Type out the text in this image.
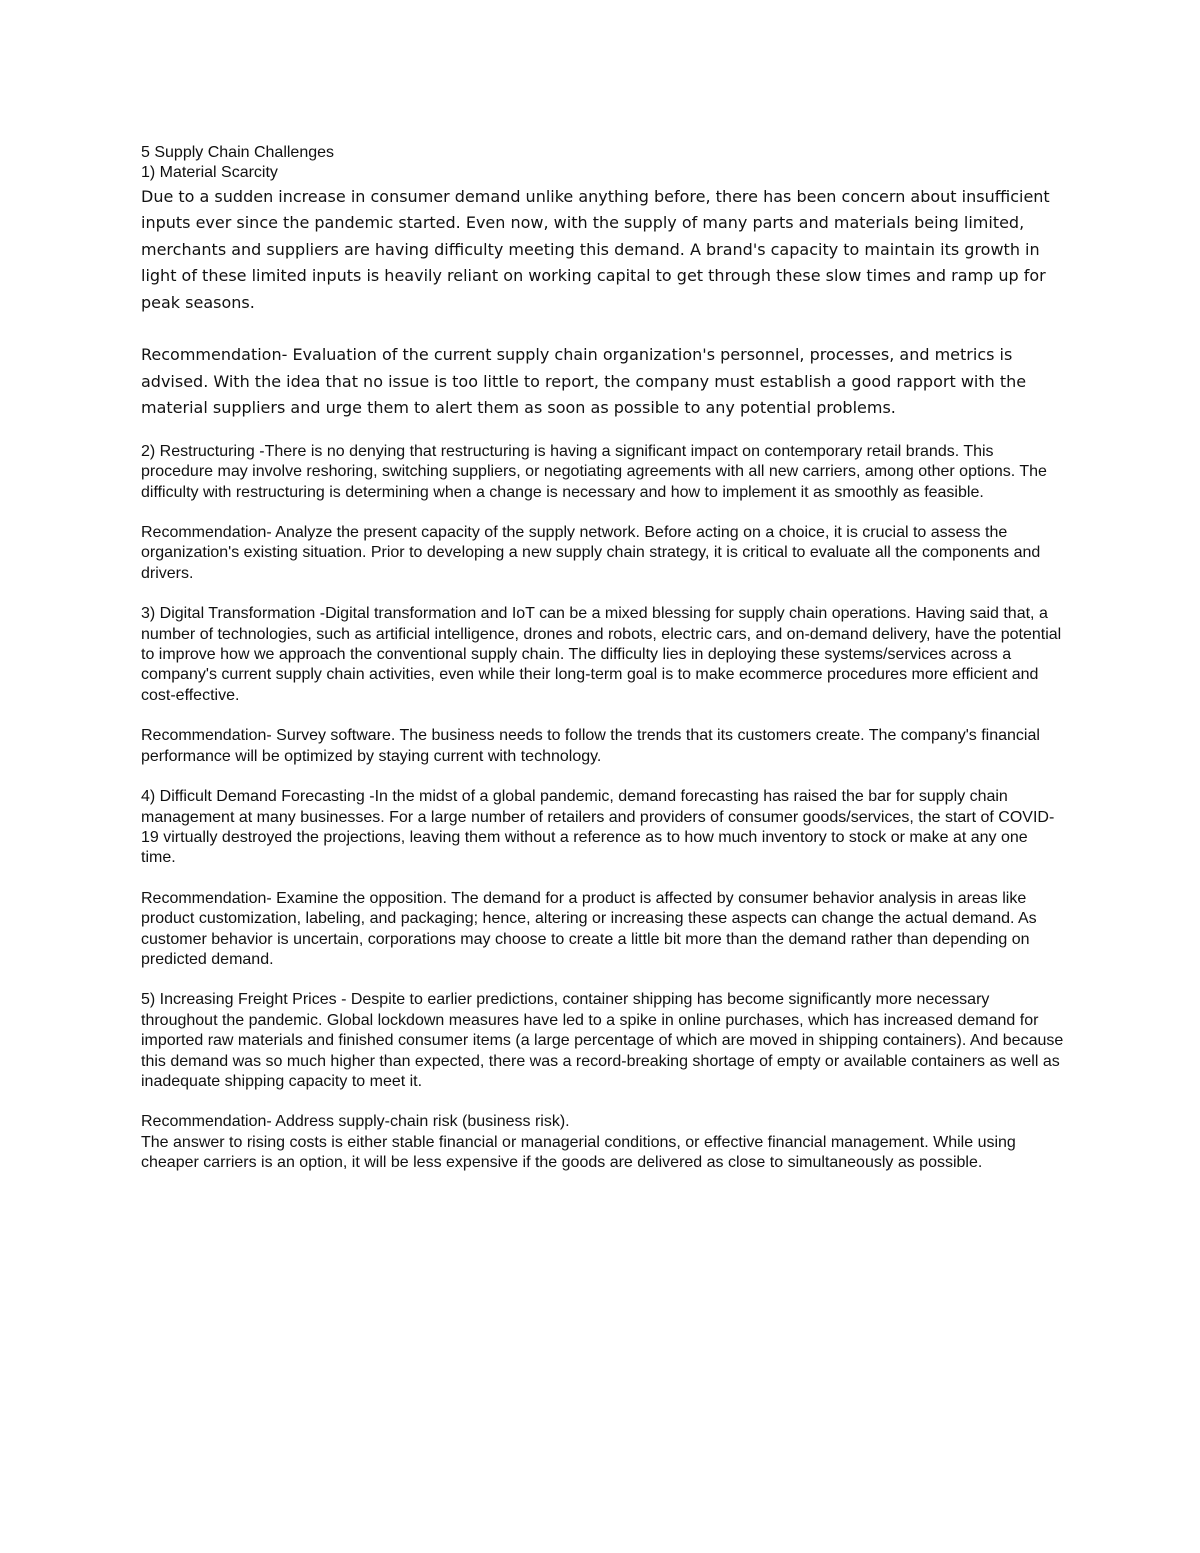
5 Supply Chain Challenges

1) Material Scarcity

Due to a sudden increase in consumer demand unlike anything before, there has been concern about insufficient inputs ever since the pandemic started. Even now, with the supply of many parts and materials being limited, merchants and suppliers are having difficulty meeting this demand. A brand's capacity to maintain its growth in light of these limited inputs is heavily reliant on working capital to get through these slow times and ramp up for peak seasons.

Recommendation- Evaluation of the current supply chain organization's personnel, processes, and metrics is advised. With the idea that no issue is too little to report, the company must establish a good rapport with the material suppliers and urge them to alert them as soon as possible to any potential problems.

2) Restructuring -There is no denying that restructuring is having a significant impact on contemporary retail brands. This procedure may involve reshoring, switching suppliers, or negotiating agreements with all new carriers, among other options. The difficulty with restructuring is determining when a change is necessary and how to implement it as smoothly as feasible.

Recommendation- Analyze the present capacity of the supply network. Before acting on a choice, it is crucial to assess the organization's existing situation. Prior to developing a new supply chain strategy, it is critical to evaluate all the components and drivers.

3) Digital Transformation -Digital transformation and IoT can be a mixed blessing for supply chain operations. Having said that, a number of technologies, such as artificial intelligence, drones and robots, electric cars, and on-demand delivery, have the potential to improve how we approach the conventional supply chain. The difficulty lies in deploying these systems/services across a company's current supply chain activities, even while their long-term goal is to make ecommerce procedures more efficient and cost-effective.

Recommendation- Survey software. The business needs to follow the trends that its customers create. The company's financial performance will be optimized by staying current with technology.

4) Difficult Demand Forecasting -In the midst of a global pandemic, demand forecasting has raised the bar for supply chain management at many businesses. For a large number of retailers and providers of consumer goods/services, the start of COVID-19 virtually destroyed the projections, leaving them without a reference as to how much inventory to stock or make at any one time.

Recommendation- Examine the opposition. The demand for a product is affected by consumer behavior analysis in areas like product customization, labeling, and packaging; hence, altering or increasing these aspects can change the actual demand. As customer behavior is uncertain, corporations may choose to create a little bit more than the demand rather than depending on predicted demand.

5) Increasing Freight Prices - Despite to earlier predictions, container shipping has become significantly more necessary throughout the pandemic. Global lockdown measures have led to a spike in online purchases, which has increased demand for imported raw materials and finished consumer items (a large percentage of which are moved in shipping containers). And because this demand was so much higher than expected, there was a record-breaking shortage of empty or available containers as well as inadequate shipping capacity to meet it.

Recommendation- Address supply-chain risk (business risk).

The answer to rising costs is either stable financial or managerial conditions, or effective financial management. While using cheaper carriers is an option, it will be less expensive if the goods are delivered as close to simultaneously as possible.
